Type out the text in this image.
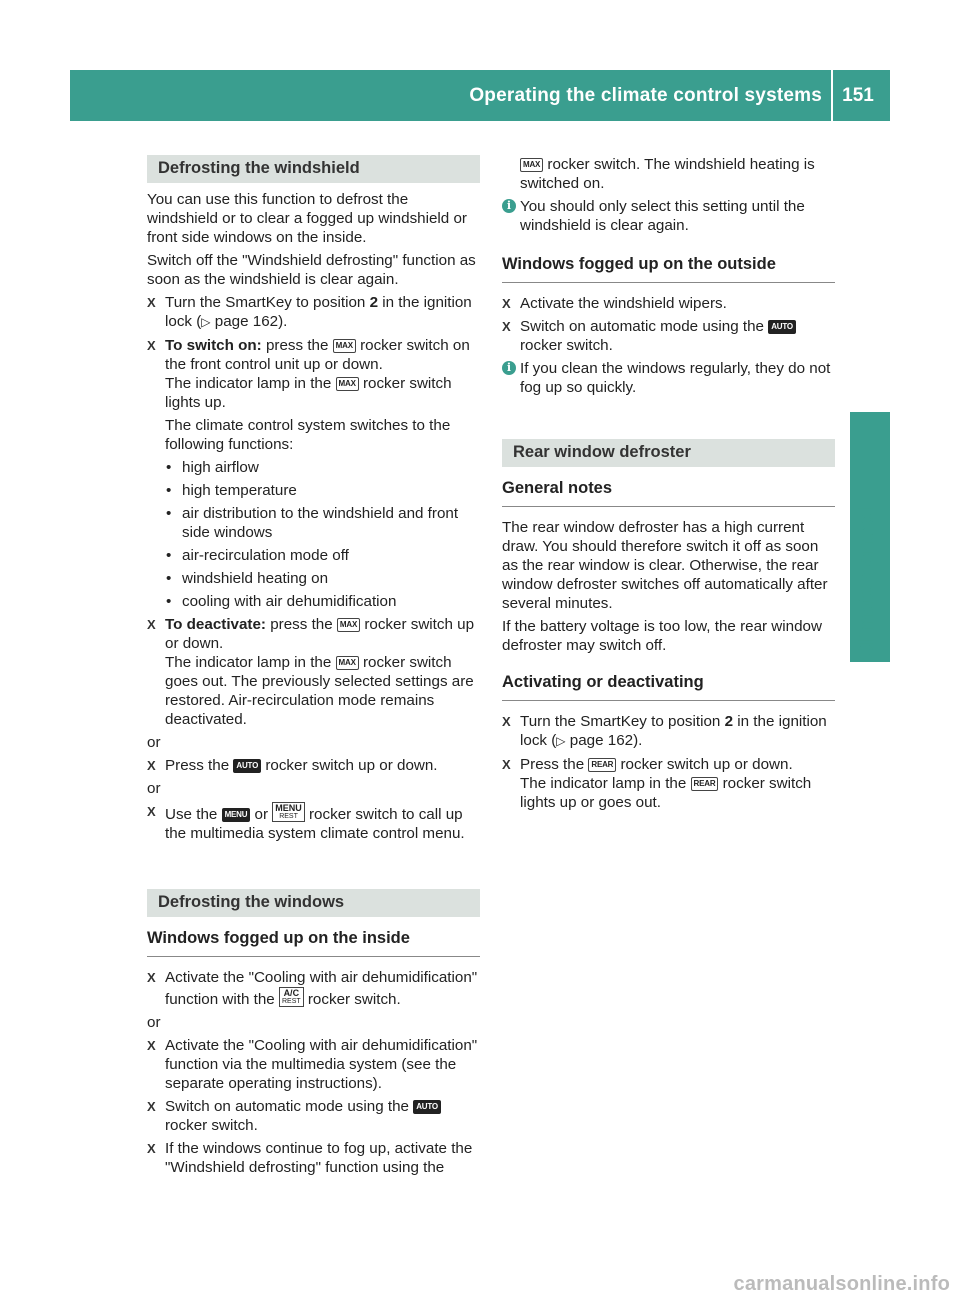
Operating the climate control systems 151
Climate control
Defrosting the windshield

You can use this function to defrost the windshield or to clear a fogged up windshield or front side windows on the inside.

Switch off the "Windshield defrosting" function as soon as the windshield is clear again.

X Turn the SmartKey to position 2 in the ignition lock (▷ page 162).
X To switch on: press the MAX rocker switch on the front control unit up or down.
The indicator lamp in the MAX rocker switch lights up.

The climate control system switches to the following functions:

• high airflow
• high temperature
• air distribution to the windshield and front side windows
• air-recirculation mode off
• windshield heating on
• cooling with air dehumidification
X To deactivate: press the MAX rocker switch up or down.
The indicator lamp in the MAX rocker switch goes out. The previously selected settings are restored. Air-recirculation mode remains deactivated.

or

X Press the AUTO rocker switch up or down.

or

X Use the MENU or MENU
REST rocker switch to call up the multimedia system climate control menu.
Defrosting the windows
Windows fogged up on the inside
X Activate the "Cooling with air dehumidification" function with the A/C
REST rocker switch.

or

X Activate the "Cooling with air dehumidification" function via the multimedia system (see the separate operating instructions).
X Switch on automatic mode using the AUTO rocker switch.
X If the windows continue to fog up, activate the "Windshield defrosting" function using the

MAX rocker switch. The windshield heating is switched on.

i You should only select this setting until the windshield is clear again.
Windows fogged up on the outside
X Activate the windshield wipers.
X Switch on automatic mode using the AUTO rocker switch.
i If you clean the windows regularly, they do not fog up so quickly.
Rear window defroster
General notes

The rear window defroster has a high current draw. You should therefore switch it off as soon as the rear window is clear. Otherwise, the rear window defroster switches off automatically after several minutes.

If the battery voltage is too low, the rear window defroster may switch off.

Activating or deactivating
X Turn the SmartKey to position 2 in the ignition lock (▷ page 162).
X Press the REAR rocker switch up or down.
The indicator lamp in the REAR rocker switch lights up or goes out.
carmanualsonline.info
